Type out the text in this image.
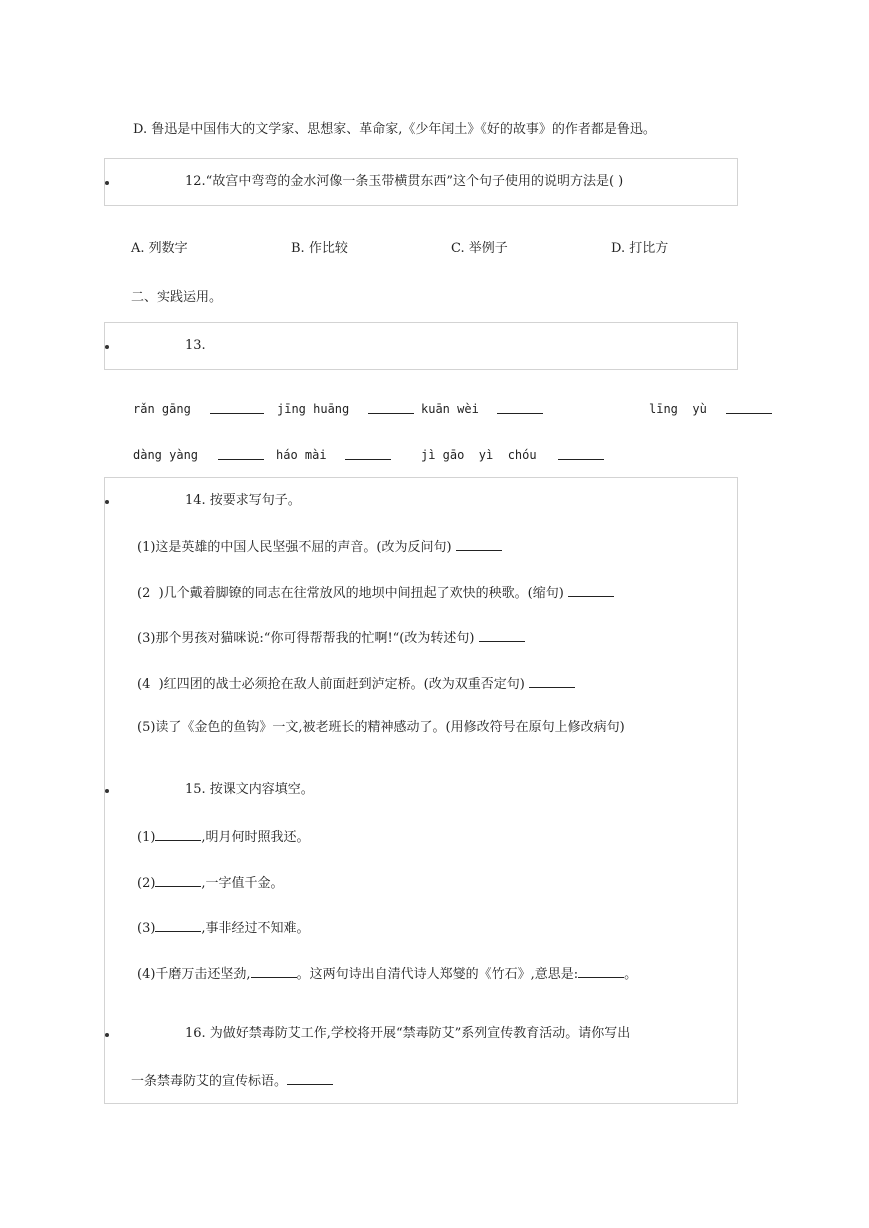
D. 鲁迅是中国伟大的文学家、思想家、革命家,《少年闰土》《好的故事》的作者都是鲁迅。
12.“故宫中弯弯的金水河像一条玉带横贯东西”这个句子使用的说明方法是( )
A. 列数字	B. 作比较	C. 举例子	D. 打比方
二、实践运用。
13.
rǎn gāng	jīng huāng	kuān wèi	līng  yù
dàng yàng	háo mài	jì gāo  yì  chóu
14. 按要求写句子。
(1)这是英雄的中国人民坚强不屈的声音。(改为反问句)
(2  )几个戴着脚镣的同志在往常放风的地坝中间扭起了欢快的秧歌。(缩句)
(3)那个男孩对猫咪说:“你可得帮帮我的忙啊!“(改为转述句)
(4  )红四团的战士必须抢在敌人前面赶到泸定桥。(改为双重否定句)
(5)读了《金色的鱼钩》一文,被老班长的精神感动了。(用修改符号在原句上修改病句)
15. 按课文内容填空。
(1)	,明月何时照我还。
(2)	,一字值千金。
(3)	,事非经过不知难。
(4)千磨万击还坚劲,	。这两句诗出自清代诗人郑燮的《竹石》,意思是:	。
16. 为做好禁毒防艾工作,学校将开展“禁毒防艾”系列宣传教育活动。请你写出
一条禁毒防艾的宣传标语。
